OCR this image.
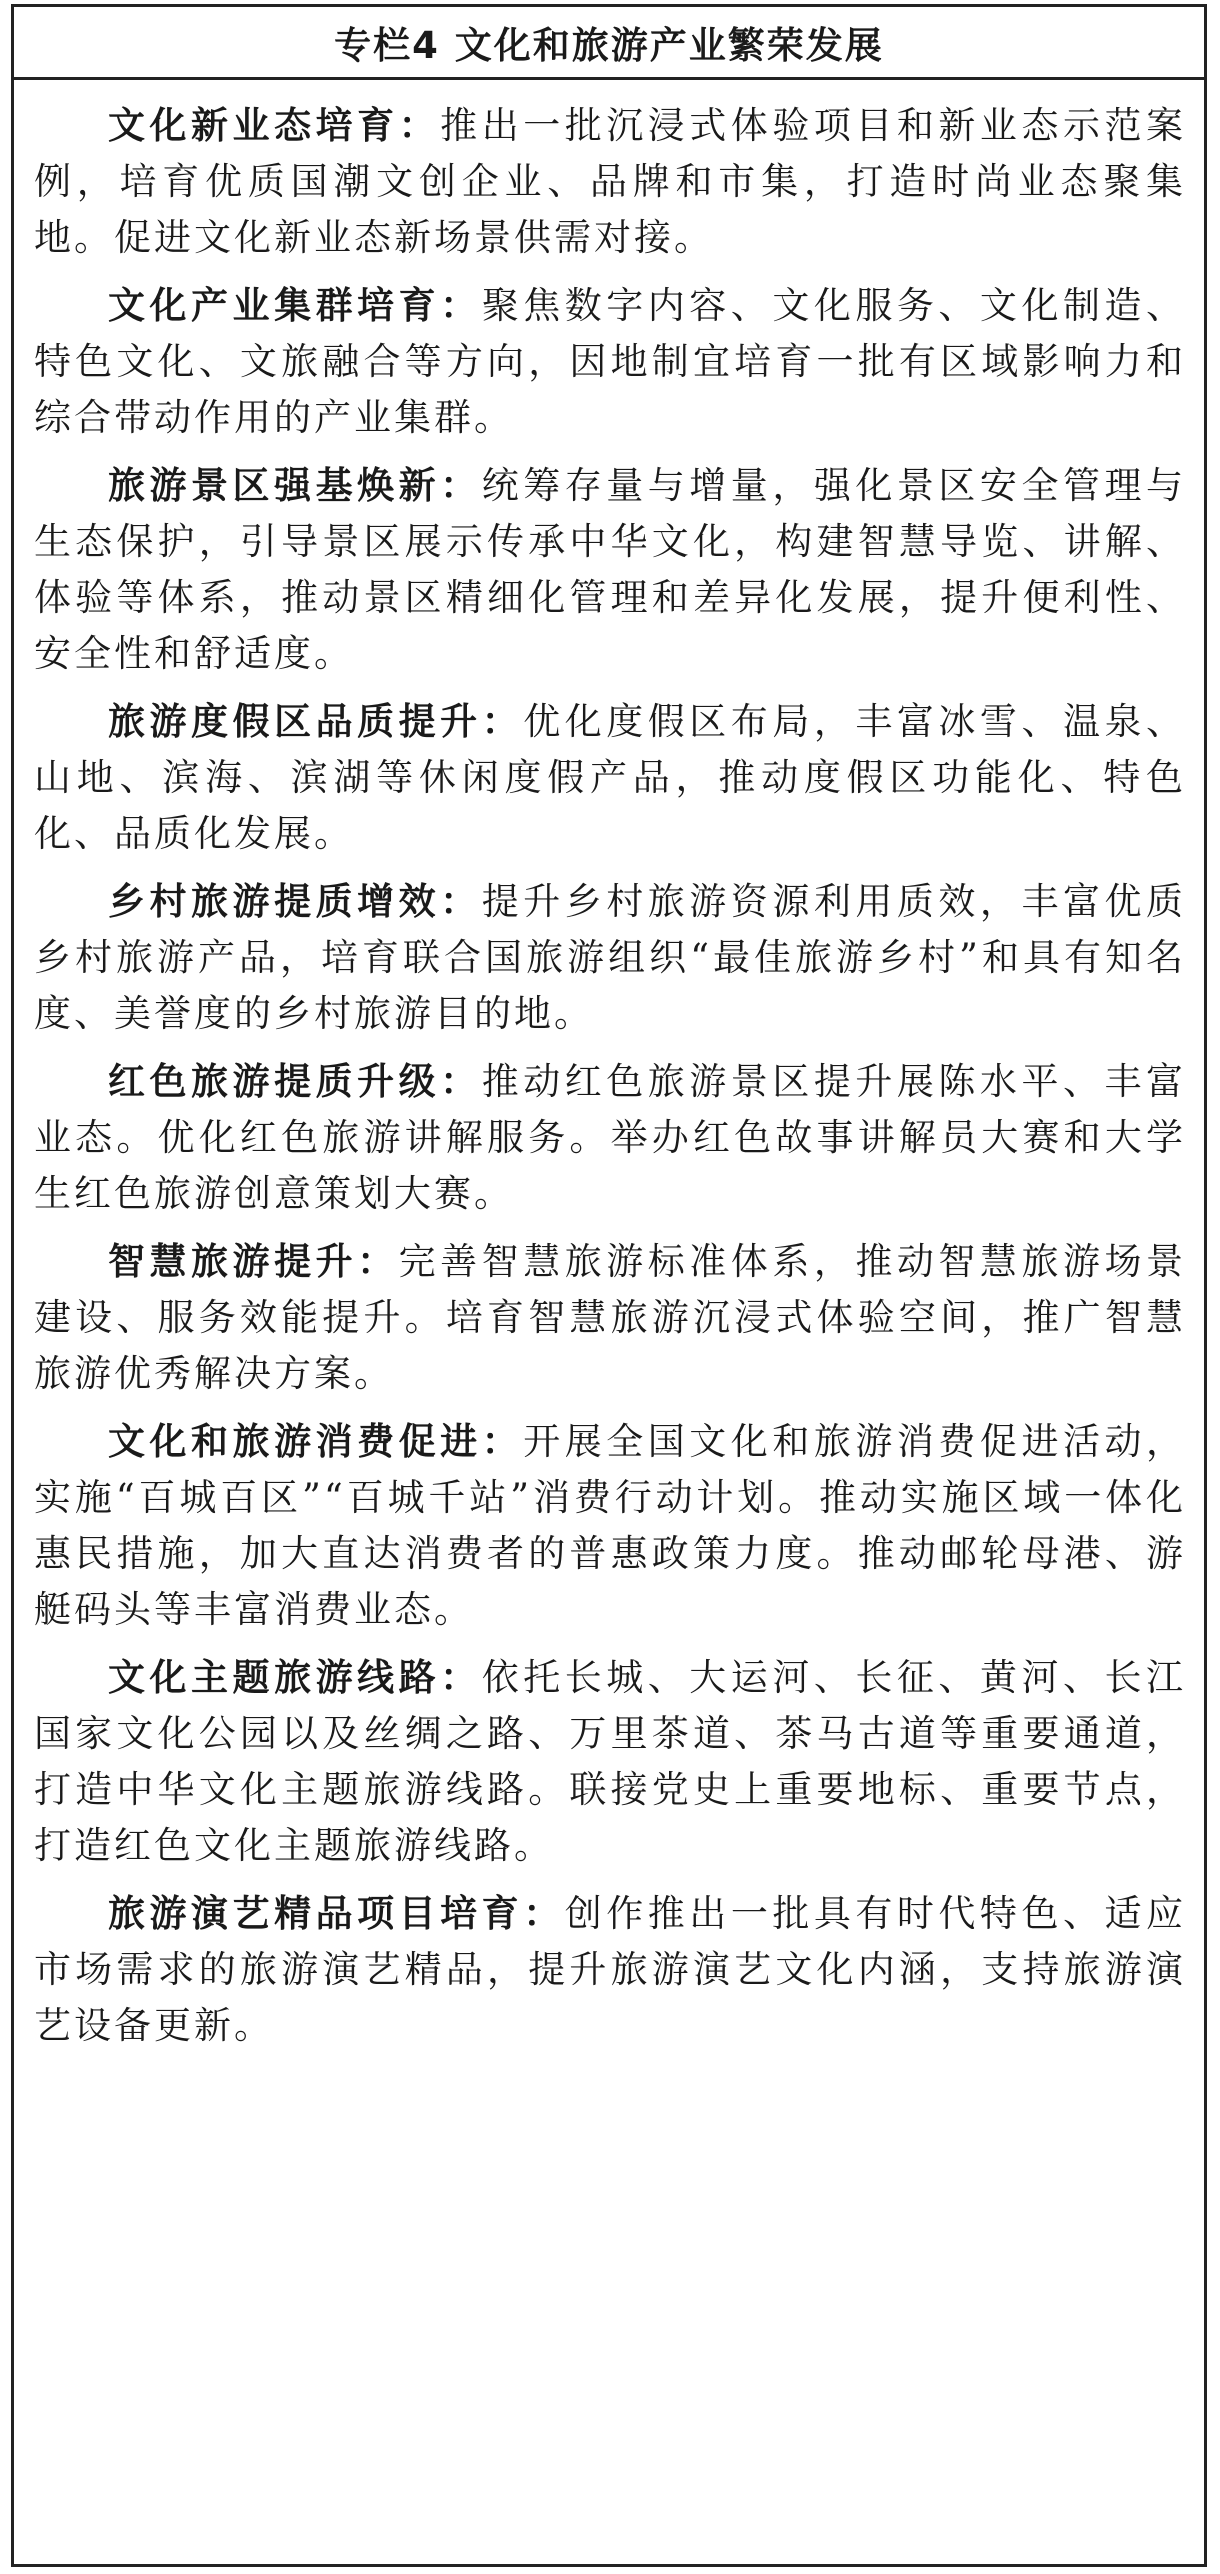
专栏4 文化和旅游产业繁荣发展

文化新业态培育：推出一批沉浸式体验项目和新业态示范案例，培育优质国潮文创企业、品牌和市集，打造时尚业态聚集地。促进文化新业态新场景供需对接。

文化产业集群培育：聚焦数字内容、文化服务、文化制造、特色文化、文旅融合等方向，因地制宜培育一批有区域影响力和综合带动作用的产业集群。

旅游景区强基焕新：统筹存量与增量，强化景区安全管理与生态保护，引导景区展示传承中华文化，构建智慧导览、讲解、体验等体系，推动景区精细化管理和差异化发展，提升便利性、安全性和舒适度。

旅游度假区品质提升：优化度假区布局，丰富冰雪、温泉、山地、滨海、滨湖等休闲度假产品，推动度假区功能化、特色化、品质化发展。

乡村旅游提质增效：提升乡村旅游资源利用质效，丰富优质乡村旅游产品，培育联合国旅游组织“最佳旅游乡村”和具有知名度、美誉度的乡村旅游目的地。

红色旅游提质升级：推动红色旅游景区提升展陈水平、丰富业态。优化红色旅游讲解服务。举办红色故事讲解员大赛和大学生红色旅游创意策划大赛。

智慧旅游提升：完善智慧旅游标准体系，推动智慧旅游场景建设、服务效能提升。培育智慧旅游沉浸式体验空间，推广智慧旅游优秀解决方案。

文化和旅游消费促进：开展全国文化和旅游消费促进活动，实施“百城百区”“百城千站”消费行动计划。推动实施区域一体化惠民措施，加大直达消费者的普惠政策力度。推动邮轮母港、游艇码头等丰富消费业态。

文化主题旅游线路：依托长城、大运河、长征、黄河、长江国家文化公园以及丝绸之路、万里茶道、茶马古道等重要通道，打造中华文化主题旅游线路。联接党史上重要地标、重要节点，打造红色文化主题旅游线路。

旅游演艺精品项目培育：创作推出一批具有时代特色、适应市场需求的旅游演艺精品，提升旅游演艺文化内涵，支持旅游演艺设备更新。
